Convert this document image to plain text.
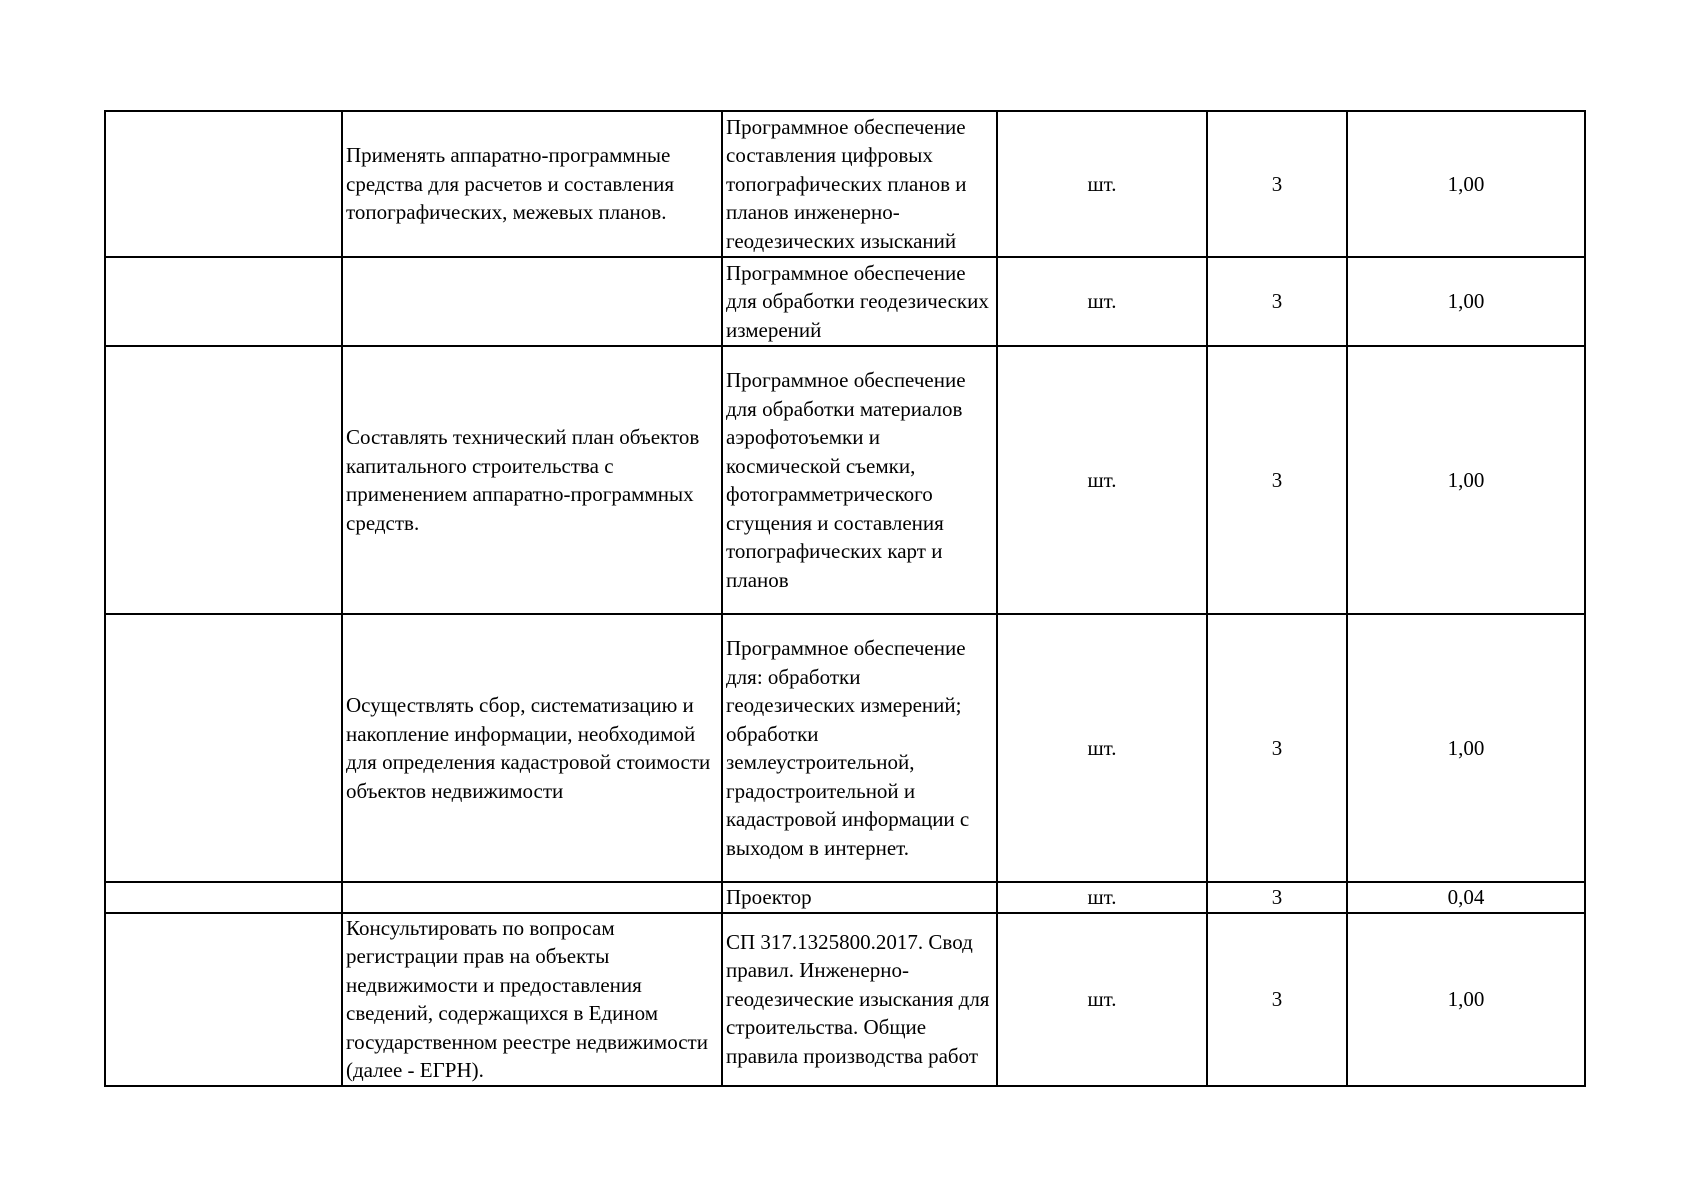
	Применять аппаратно-программные средства для расчетов и составления топографических, межевых планов.	Программное обеспечение составления цифровых топографических планов и планов инженерно-геодезических изысканий	шт.	3	1,00
		Программное обеспечение для обработки геодезических измерений	шт.	3	1,00
	Составлять технический план объектов капитального строительства с применением аппаратно-программных средств.	Программное обеспечение для обработки материалов аэрофотоъемки и космической съемки, фотограмметрического сгущения и составления топографических карт и планов	шт.	3	1,00
	Осуществлять сбор, систематизацию и накопление информации, необходимой для определения кадастровой стоимости объектов недвижимости	Программное обеспечение для: обработки геодезических измерений; обработки землеустроительной, градостроительной и кадастровой информации с выходом в интернет.	шт.	3	1,00
		Проектор	шт.	3	0,04
	Консультировать по вопросам регистрации прав на объекты недвижимости и предоставления сведений, содержащихся в Едином государственном реестре недвижимости (далее - ЕГРН).	СП 317.1325800.2017. Свод правил. Инженерно-геодезические изыскания для строительства. Общие правила производства работ	шт.	3	1,00
